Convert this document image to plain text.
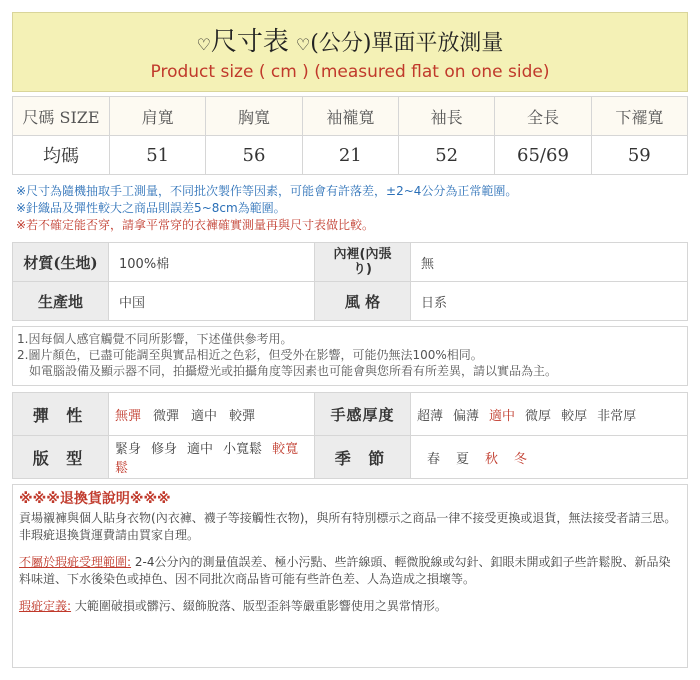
♡尺寸表 ♡(公分)單面平放測量
Product size ( cm ) (measured flat on one side)
尺碼 SIZE	肩寬	胸寬	袖襱寬	袖長	全長	下襬寬
均碼	51	56	21	52	65/69	59
※尺寸為隨機抽取手工測量，不同批次製作等因素，可能會有許落差，±2~4公分為正常範圍。
※針織品及彈性較大之商品則誤差5~8cm為範圍。
※若不確定能否穿，請拿平常穿的衣褲確實測量再與尺寸表做比較。
材質(生地)	100%棉	內裡(內張り)	無
生產地	中国	風 格	日系
1.因每個人感官觸覺不同所影響，下述僅供參考用。
2.圖片顏色，已盡可能調至與實品相近之色彩，但受外在影響，可能仍無法100%相同。
如電腦設備及顯示器不同，拍攝燈光或拍攝角度等因素也可能會與您所看有所差異，請以實品為主。
彈 性	無彈 微彈 適中 較彈	手感厚度	超薄 偏薄 適中 微厚 較厚 非常厚
版 型	緊身 修身 適中 小寬鬆 較寬鬆	季 節	春 夏 秋 冬
※※※退換貨說明※※※

貢場襯褲與個人貼身衣物(內衣褲、襪子等接觸性衣物)，與所有特別標示之商品一律不接受更換或退貨，無法接受者請三思。非瑕疵退換貨運費請由買家自理。

不屬於瑕疵受理範圍: 2-4公分內的測量值誤差、極小污點、些許線頭、輕微脫線或勾針、釦眼未開或釦子些許鬆脫、新品染料味道、下水後染色或掉色、因不同批次商品皆可能有些許色差、人為造成之損壞等。

瑕疵定義: 大範圍破損或髒污、綴飾脫落、版型歪斜等嚴重影響使用之異常情形。
